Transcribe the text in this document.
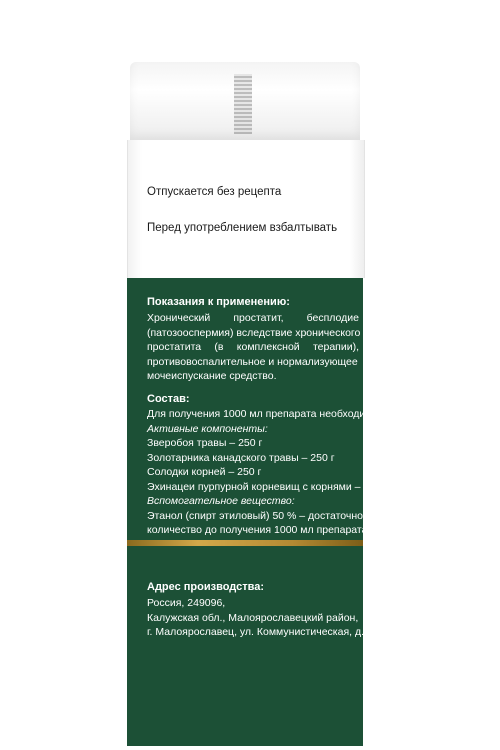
Отпускается без рецепта
Перед употреблением взбалтывать
Показания к применению:
Хронический простатит, бесплодие
(патозооспермия) вследствие хронического
простатита (в комплексной терапии),
противовоспалительное и нормализующее
мочеиспускание средство.
Состав:
Для получения 1000 мл препарата необходимо:
Активные компоненты:
Зверобоя травы – 250 г
Золотарника канадского травы – 250 г
Солодки корней – 250 г
Эхинацеи пурпурной корневищ с корнями – 250 г
Вспомогательное вещество:
Этанол (спирт этиловый) 50 % – достаточное
количество до получения 1000 мл препарата.
Адрес производства:
Россия, 249096,
Калужская обл., Малоярославецкий район,
г. Малоярославец, ул. Коммунистическая, д.115
